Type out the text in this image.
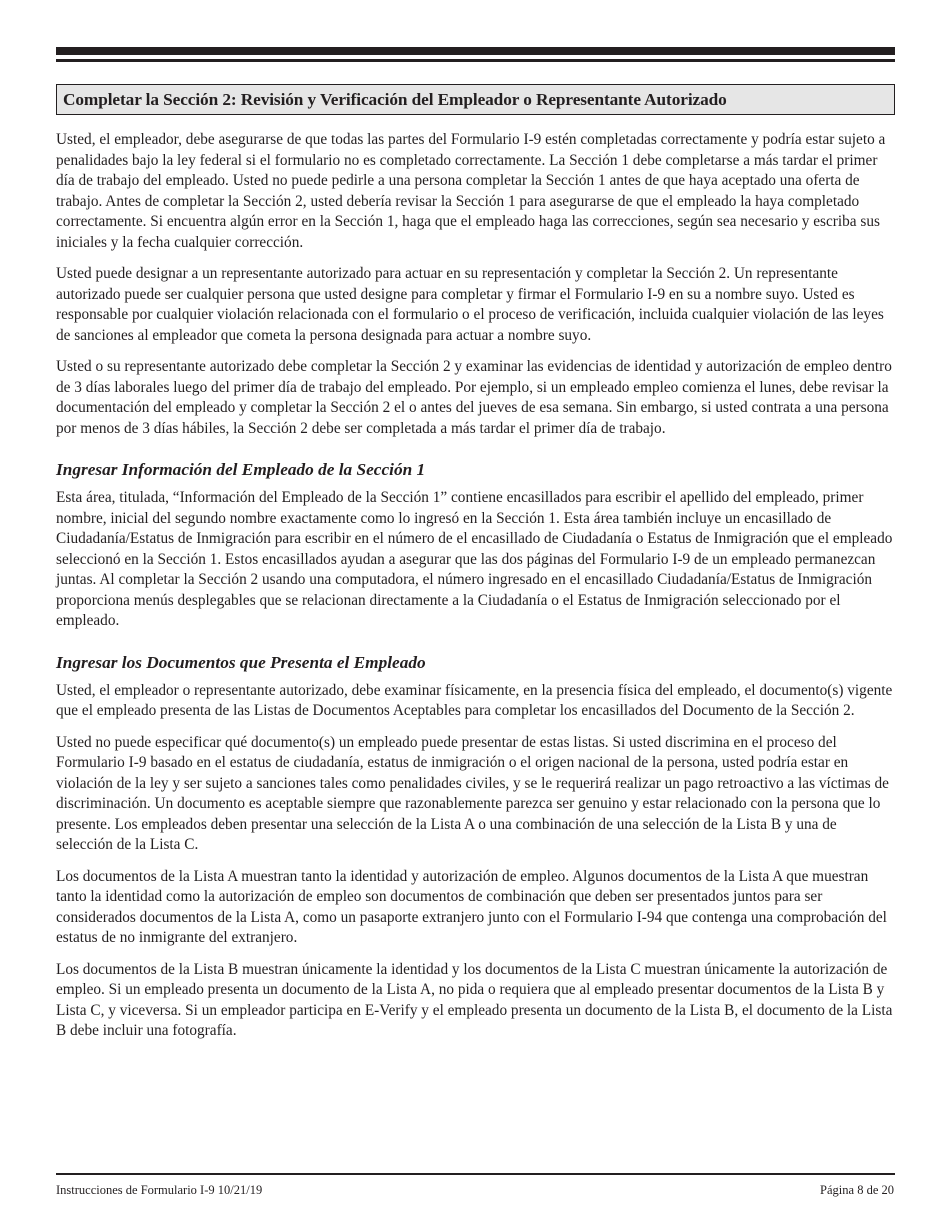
Completar la Sección 2: Revisión y Verificación del Empleador o Representante Autorizado

Usted, el empleador, debe asegurarse de que todas las partes del Formulario I-9 estén completadas correctamente y podría estar sujeto a penalidades bajo la ley federal si el formulario no es completado correctamente. La Sección 1 debe completarse a más tardar el primer día de trabajo del empleado. Usted no puede pedirle a una persona completar la Sección 1 antes de que haya aceptado una oferta de trabajo. Antes de completar la Sección 2, usted debería revisar la Sección 1 para asegurarse de que el empleado la haya completado correctamente. Si encuentra algún error en la Sección 1, haga que el empleado haga las correcciones, según sea necesario y escriba sus iniciales y la fecha cualquier corrección.

Usted puede designar a un representante autorizado para actuar en su representación y completar la Sección 2. Un representante autorizado puede ser cualquier persona que usted designe para completar y firmar el Formulario I-9 en su a nombre suyo. Usted es responsable por cualquier violación relacionada con el formulario o el proceso de verificación, incluida cualquier violación de las leyes de sanciones al empleador que cometa la persona designada para actuar a nombre suyo.

Usted o su representante autorizado debe completar la Sección 2 y examinar las evidencias de identidad y autorización de empleo dentro de 3 días laborales luego del primer día de trabajo del empleado. Por ejemplo, si un empleado empleo comienza el lunes, debe revisar la documentación del empleado y completar la Sección 2 el o antes del jueves de esa semana. Sin embargo, si usted contrata a una persona por menos de 3 días hábiles, la Sección 2 debe ser completada a más tardar el primer día de trabajo.

Ingresar Información del Empleado de la Sección 1

Esta área, titulada, “Información del Empleado de la Sección 1” contiene encasillados para escribir el apellido del empleado, primer nombre, inicial del segundo nombre exactamente como lo ingresó en la Sección 1. Esta área también incluye un encasillado de Ciudadanía/Estatus de Inmigración para escribir en el número de el encasillado de Ciudadanía o Estatus de Inmigración que el empleado seleccionó en la Sección 1. Estos encasillados ayudan a asegurar que las dos páginas del Formulario I-9 de un empleado permanezcan juntas. Al completar la Sección 2 usando una computadora, el número ingresado en el encasillado Ciudadanía/Estatus de Inmigración proporciona menús desplegables que se relacionan directamente a la Ciudadanía o el Estatus de Inmigración seleccionado por el empleado.

Ingresar los Documentos que Presenta el Empleado

Usted, el empleador o representante autorizado, debe examinar físicamente, en la presencia física del empleado, el documento(s) vigente que el empleado presenta de las Listas de Documentos Aceptables para completar los encasillados del Documento de la Sección 2.

Usted no puede especificar qué documento(s) un empleado puede presentar de estas listas. Si usted discrimina en el proceso del Formulario I-9 basado en el estatus de ciudadanía, estatus de inmigración o el origen nacional de la persona, usted podría estar en violación de la ley y ser sujeto a sanciones tales como penalidades civiles, y se le requerirá realizar un pago retroactivo a las víctimas de discriminación. Un documento es aceptable siempre que razonablemente parezca ser genuino y estar relacionado con la persona que lo presente. Los empleados deben presentar una selección de la Lista A o una combinación de una selección de la Lista B y una de selección de la Lista C.

Los documentos de la Lista A muestran tanto la identidad y autorización de empleo. Algunos documentos de la Lista A que muestran tanto la identidad como la autorización de empleo son documentos de combinación que deben ser presentados juntos para ser considerados documentos de la Lista A, como un pasaporte extranjero junto con el Formulario I-94 que contenga una comprobación del estatus de no inmigrante del extranjero.

Los documentos de la Lista B muestran únicamente la identidad y los documentos de la Lista C muestran únicamente la autorización de empleo. Si un empleado presenta un documento de la Lista A, no pida o requiera que al empleado presentar documentos de la Lista B y Lista C, y viceversa. Si un empleador participa en E-Verify y el empleado presenta un documento de la Lista B, el documento de la Lista B debe incluir una fotografía.

Instrucciones de Formulario I-9 10/21/19	Página 8 de 20
